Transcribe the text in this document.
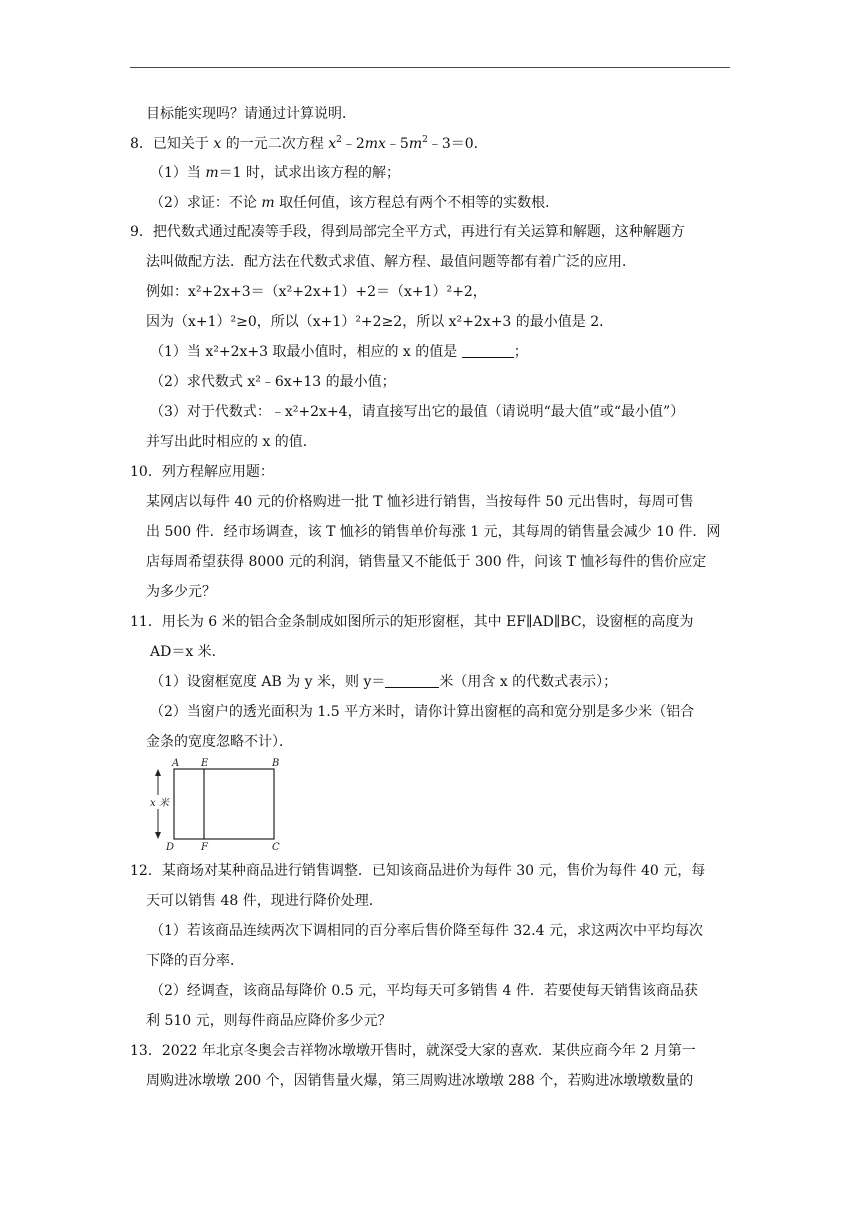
目标能实现吗？请通过计算说明．
8．已知关于 x 的一元二次方程 $x^2﹣2mx﹣5m^2﹣3=0$．
（1）当 m＝1 时，试求出该方程的解；
（2）求证：不论 m 取任何值，该方程总有两个不相等的实数根．
9．把代数式通过配凑等手段，得到局部完全平方式，再进行有关运算和解题，这种解题方
法叫做配方法．配方法在代数式求值、解方程、最值问题等都有着广泛的应用．
例如：x²+2x+3＝（x²+2x+1）+2＝（x+1）²+2，
因为（x+1）²≥0，所以（x+1）²+2≥2，所以 x²+2x+3 的最小值是 2．
（1）当 x²+2x+3 取最小值时，相应的 x 的值是	；
（2）求代数式 x²﹣6x+13 的最小值；
（3）对于代数式：﹣x²+2x+4，请直接写出它的最值（请说明“最大值”或“最小值”）
并写出此时相应的 x 的值．
10．列方程解应用题：
某网店以每件 40 元的价格购进一批 T 恤衫进行销售，当按每件 50 元出售时，每周可售
出 500 件．经市场调查，该 T 恤衫的销售单价每涨 1 元，其每周的销售量会减少 10 件．网
店每周希望获得 8000 元的利润，销售量又不能低于 300 件，问该 T 恤衫每件的售价应定
为多少元？
11．用长为 6 米的铝合金条制成如图所示的矩形窗框，其中 EF∥AD∥BC，设窗框的高度为
AD＝x 米．
（1）设窗框宽度 AB 为 y 米，则 y＝	米（用含 x 的代数式表示）；
（2）当窗户的透光面积为 1.5 平方米时，请你计算出窗框的高和宽分别是多少米（铝合
金条的宽度忽略不计）．
x 米
A E	B
D	F	C
12．某商场对某种商品进行销售调整．已知该商品进价为每件 30 元，售价为每件 40 元，每
天可以销售 48 件，现进行降价处理．
（1）若该商品连续两次下调相同的百分率后售价降至每件 32.4 元，求这两次中平均每次
下降的百分率．
（2）经调查，该商品每降价 0.5 元，平均每天可多销售 4 件．若要使每天销售该商品获
利 510 元，则每件商品应降价多少元？
13．2022 年北京冬奥会吉祥物冰墩墩开售时，就深受大家的喜欢．某供应商今年 2 月第一
周购进冰墩墩 200 个，因销售量火爆，第三周购进冰墩墩 288 个，若购进冰墩墩数量的
